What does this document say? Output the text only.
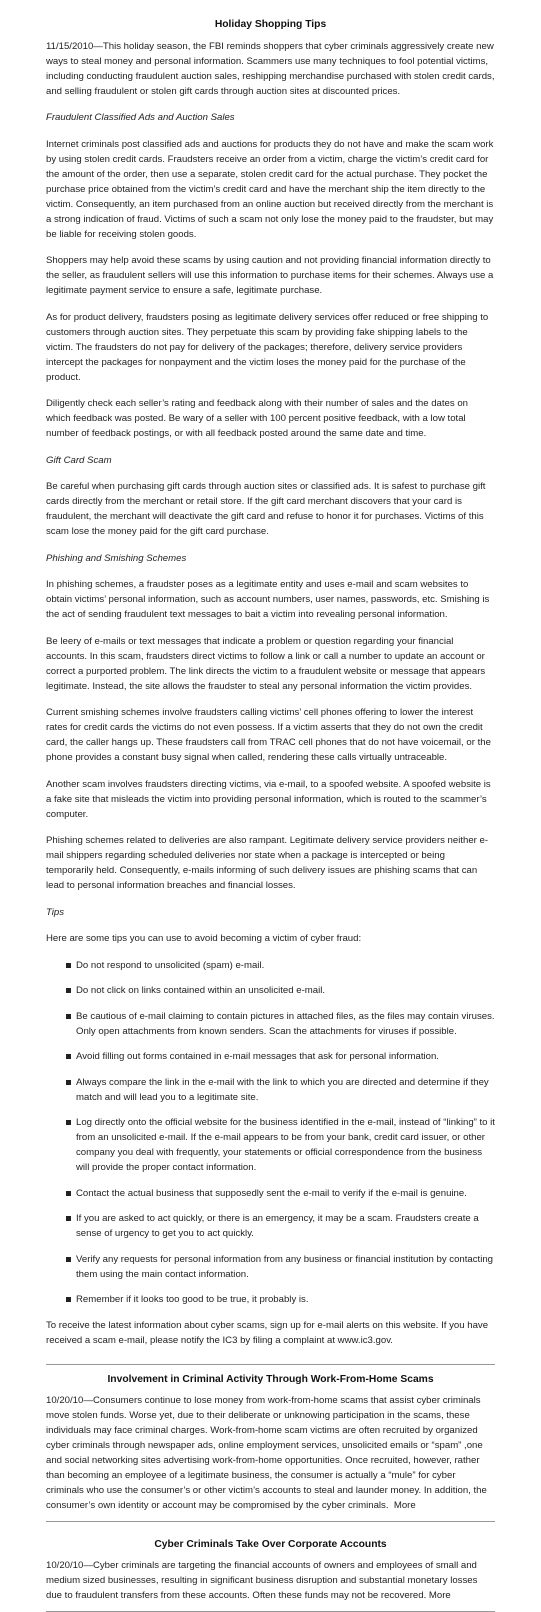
Holiday Shopping Tips

11/15/2010—This holiday season, the FBI reminds shoppers that cyber criminals aggressively create new ways to steal money and personal information. Scammers use many techniques to fool potential victims, including conducting fraudulent auction sales, reshipping merchandise purchased with stolen credit cards, and selling fraudulent or stolen gift cards through auction sites at discounted prices.

Fraudulent Classified Ads and Auction Sales

Internet criminals post classified ads and auctions for products they do not have and make the scam work by using stolen credit cards. Fraudsters receive an order from a victim, charge the victim’s credit card for the amount of the order, then use a separate, stolen credit card for the actual purchase. They pocket the purchase price obtained from the victim’s credit card and have the merchant ship the item directly to the victim. Consequently, an item purchased from an online auction but received directly from the merchant is a strong indication of fraud. Victims of such a scam not only lose the money paid to the fraudster, but may be liable for receiving stolen goods.

Shoppers may help avoid these scams by using caution and not providing financial information directly to the seller, as fraudulent sellers will use this information to purchase items for their schemes. Always use a legitimate payment service to ensure a safe, legitimate purchase.

As for product delivery, fraudsters posing as legitimate delivery services offer reduced or free shipping to customers through auction sites. They perpetuate this scam by providing fake shipping labels to the victim. The fraudsters do not pay for delivery of the packages; therefore, delivery service providers intercept the packages for nonpayment and the victim loses the money paid for the purchase of the product.

Diligently check each seller’s rating and feedback along with their number of sales and the dates on which feedback was posted. Be wary of a seller with 100 percent positive feedback, with a low total number of feedback postings, or with all feedback posted around the same date and time.

Gift Card Scam

Be careful when purchasing gift cards through auction sites or classified ads. It is safest to purchase gift cards directly from the merchant or retail store. If the gift card merchant discovers that your card is fraudulent, the merchant will deactivate the gift card and refuse to honor it for purchases. Victims of this scam lose the money paid for the gift card purchase.

Phishing and Smishing Schemes

In phishing schemes, a fraudster poses as a legitimate entity and uses e-mail and scam websites to obtain victims’ personal information, such as account numbers, user names, passwords, etc. Smishing is the act of sending fraudulent text messages to bait a victim into revealing personal information.

Be leery of e-mails or text messages that indicate a problem or question regarding your financial accounts. In this scam, fraudsters direct victims to follow a link or call a number to update an account or correct a purported problem. The link directs the victim to a fraudulent website or message that appears legitimate. Instead, the site allows the fraudster to steal any personal information the victim provides.

Current smishing schemes involve fraudsters calling victims’ cell phones offering to lower the interest rates for credit cards the victims do not even possess. If a victim asserts that they do not own the credit card, the caller hangs up. These fraudsters call from TRAC cell phones that do not have voicemail, or the phone provides a constant busy signal when called, rendering these calls virtually untraceable.

Another scam involves fraudsters directing victims, via e-mail, to a spoofed website. A spoofed website is a fake site that misleads the victim into providing personal information, which is routed to the scammer’s computer.

Phishing schemes related to deliveries are also rampant. Legitimate delivery service providers neither e-mail shippers regarding scheduled deliveries nor state when a package is intercepted or being temporarily held. Consequently, e-mails informing of such delivery issues are phishing scams that can lead to personal information breaches and financial losses.

Tips

Here are some tips you can use to avoid becoming a victim of cyber fraud:

Do not respond to unsolicited (spam) e-mail.
Do not click on links contained within an unsolicited e-mail.
Be cautious of e-mail claiming to contain pictures in attached files, as the files may contain viruses. Only open attachments from known senders. Scan the attachments for viruses if possible.
Avoid filling out forms contained in e-mail messages that ask for personal information.
Always compare the link in the e-mail with the link to which you are directed and determine if they match and will lead you to a legitimate site.
Log directly onto the official website for the business identified in the e-mail, instead of “linking” to it from an unsolicited e-mail. If the e-mail appears to be from your bank, credit card issuer, or other company you deal with frequently, your statements or official correspondence from the business will provide the proper contact information.
Contact the actual business that supposedly sent the e-mail to verify if the e-mail is genuine.
If you are asked to act quickly, or there is an emergency, it may be a scam. Fraudsters create a sense of urgency to get you to act quickly.
Verify any requests for personal information from any business or financial institution by contacting them using the main contact information.
Remember if it looks too good to be true, it probably is.

To receive the latest information about cyber scams, sign up for e-mail alerts on this website. If you have received a scam e-mail, please notify the IC3 by filing a complaint at www.ic3.gov.

Involvement in Criminal Activity Through Work-From-Home Scams

10/20/10—Consumers continue to lose money from work-from-home scams that assist cyber criminals move stolen funds. Worse yet, due to their deliberate or unknowing participation in the scams, these individuals may face criminal charges. Work-from-home scam victims are often recruited by organized cyber criminals through newspaper ads, online employment services, unsolicited emails or “spam” ,one and social networking sites advertising work-from-home opportunities. Once recruited, however, rather than becoming an employee of a legitimate business, the consumer is actually a “mule” for cyber criminals who use the consumer’s or other victim’s accounts to steal and launder money. In addition, the consumer’s own identity or account may be compromised by the cyber criminals. More

Cyber Criminals Take Over Corporate Accounts

10/20/10—Cyber criminals are targeting the financial accounts of owners and employees of small and medium sized businesses, resulting in significant business disruption and substantial monetary losses due to fraudulent transfers from these accounts. Often these funds may not be recovered. More
